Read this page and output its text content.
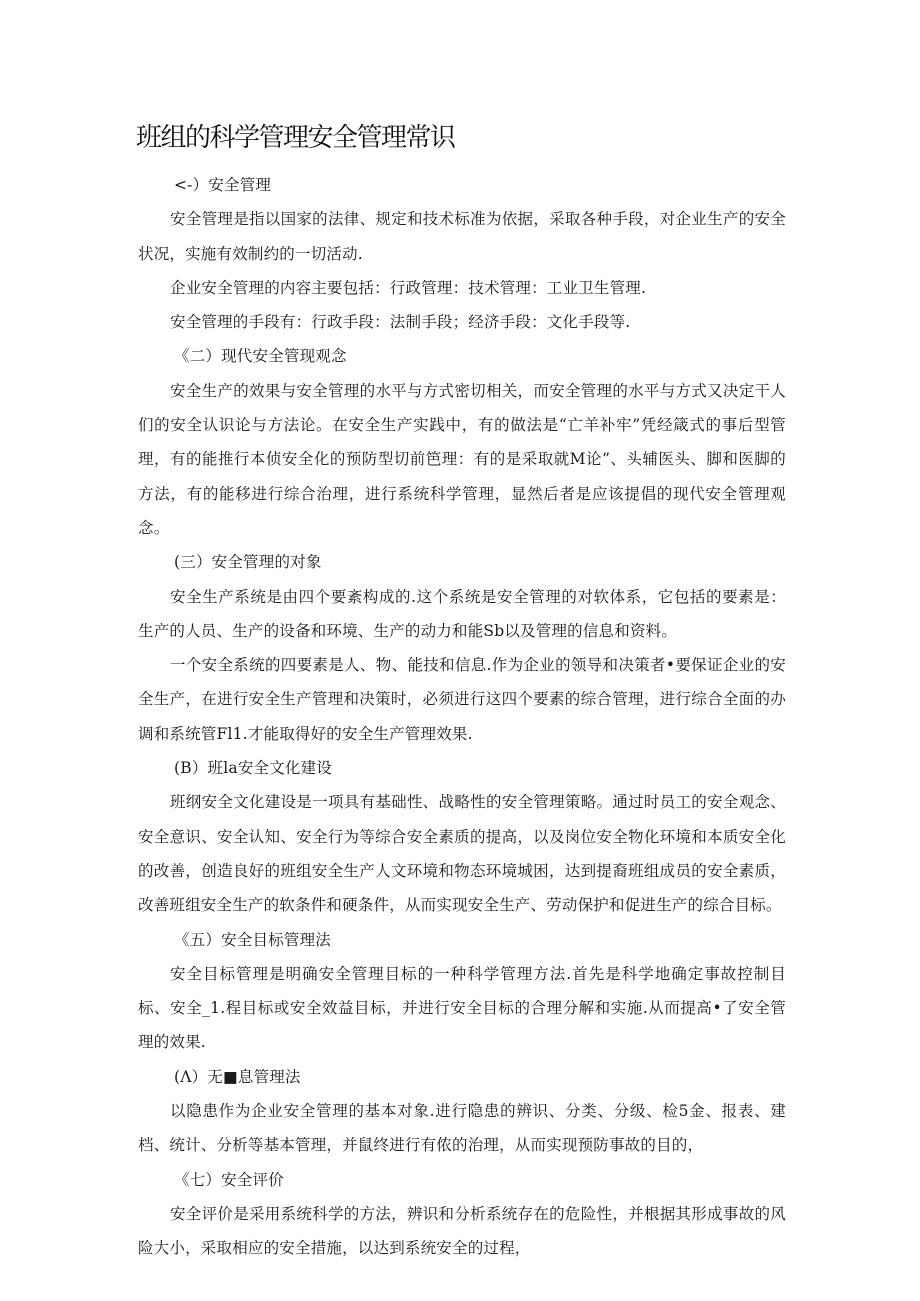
班组的科学管理安全管理常识

<-）安全管理

安全管理是指以国家的法律、规定和技术标准为依据，采取各种手段，对企业生产的安全状况，实施有效制约的一切活动.

企业安全管理的内容主要包括：行政管理：技术管理：工业卫生管理.

安全管理的手段有：行政手段：法制手段；经济手段：文化手段等.

《二）现代安全管现观念

安全生产的效果与安全管理的水平与方式密切相关，而安全管理的水平与方式又决定干人们的安全认识论与方法论。在安全生产实践中，有的做法是“亡羊补牢”凭经箴式的事后型管理，有的能推行本侦安全化的预防型切前笆理：有的是采取就M论”、头辅医头、脚和医脚的方法，有的能移进行综合治理，进行系统科学管理，显然后者是应该提倡的现代安全管理观念。

(三）安全管理的对象

安全生产系统是由四个要紊构成的.这个系统是安全管理的对软体系，它包括的要素是：生产的人员、生产的设备和环境、生产的动力和能Sb以及管理的信息和资料。

一个安全系统的四要素是人、物、能技和信息.作为企业的领导和决策者•要保证企业的安全生产，在进行安全生产管理和决策时，必须进行这四个要素的综合管理，进行综合全面的办调和系统管Fl1.才能取得好的安全生产管理效果.

(B）班la安全文化建设

班纲安全文化建设是一项具有基础性、战略性的安全管理策略。通过时员工的安全观念、安全意识、安全认知、安全行为等综合安全素质的提高，以及岗位安全物化环境和本质安全化的改善，创造良好的班组安全生产人文环境和物态环境城困，达到提裔班组成员的安全素质，改善班组安全生产的软条件和硬条件，从而实现安全生产、劳动保护和促进生产的综合目标。

《五）安全目标管理法

安全目标管理是明确安全管理目标的一种科学管理方法.首先是科学地确定事故控制目标、安全_1.程目标或安全效益目标，并进行安全目标的合理分解和实施.从而提高•了安全管理的效果.

(Λ）无■息管理法

以隐患作为企业安全管理的基本对象.进行隐患的辨识、分类、分级、检5金、报表、建档、统计、分析等基本管理，并鼠终进行有侬的治理，从而实现预防事故的目的，

《七）安全评价

安全评价是采用系统科学的方法，辨识和分析系统存在的危险性，并根据其形成事故的风险大小，采取相应的安全措施，以达到系统安全的过程，
